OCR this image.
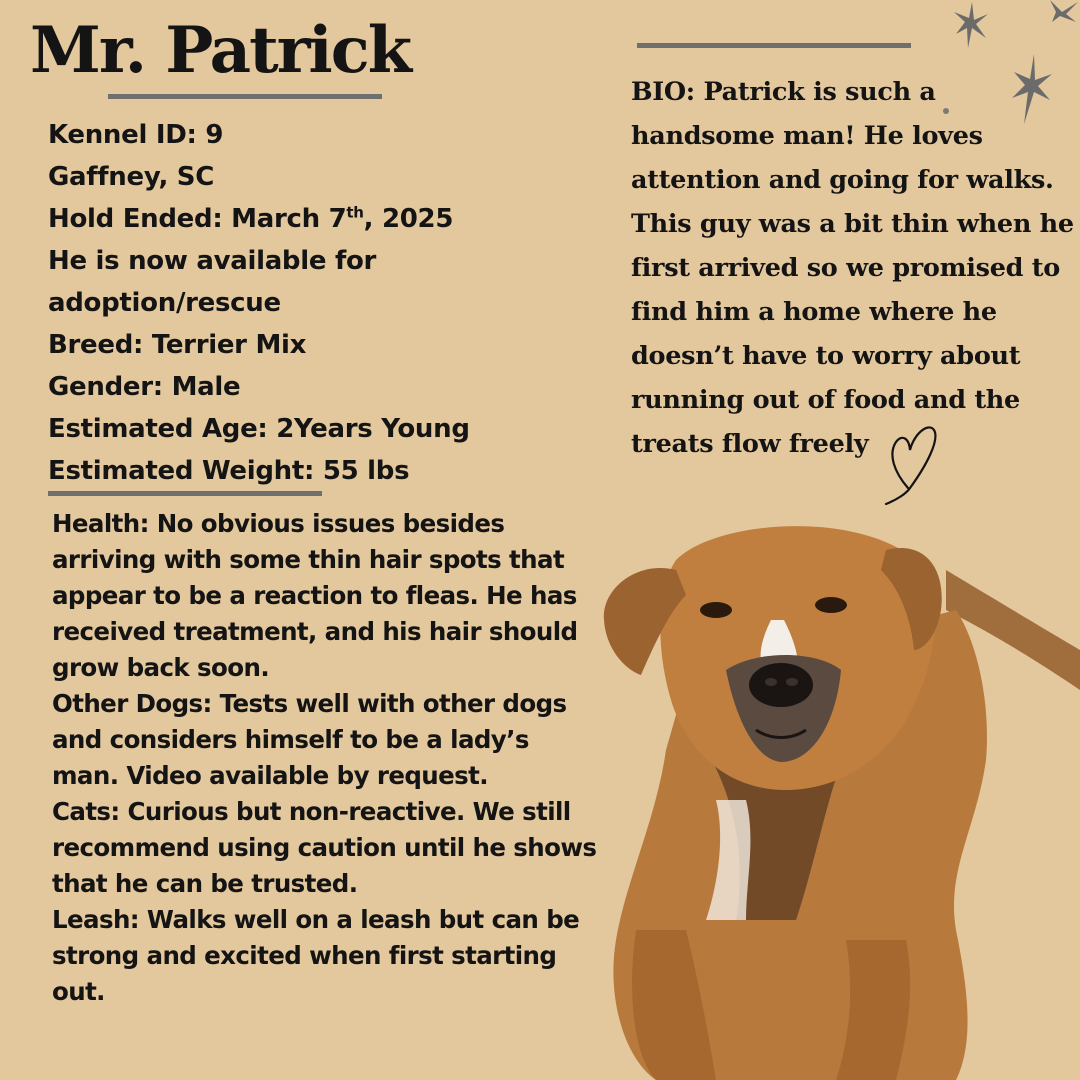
Mr. Patrick
Kennel ID: 9
Gaffney, SC
Hold Ended: March 7th, 2025
He is now available for
adoption/rescue
Breed: Terrier Mix
Gender: Male
Estimated Age: 2Years Young
Estimated Weight: 55 lbs

Health: No obvious issues besides arriving with some thin hair spots that appear to be a reaction to fleas. He has received treatment, and his hair should grow back soon.

Other Dogs: Tests well with other dogs and considers himself to be a lady’s man. Video available by request.

Cats: Curious but non-reactive. We still recommend using caution until he shows that he can be trusted.

Leash: Walks well on a leash but can be strong and excited when first starting out.

BIO: Patrick is such a handsome man! He loves attention and going for walks. This guy was a bit thin when he first arrived so we promised to find him a home where he doesn’t have to worry about running out of food and the treats flow freely
